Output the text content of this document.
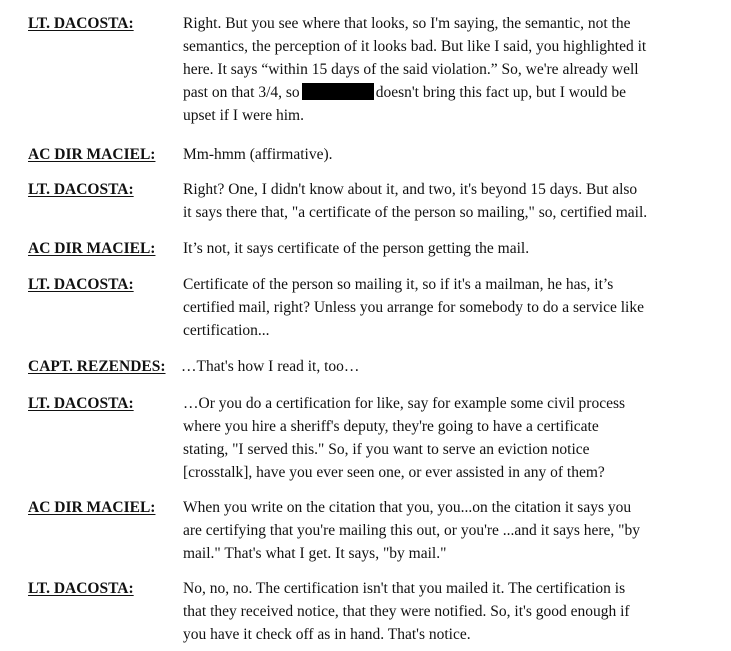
LT. DACOSTA:	Right. But you see where that looks, so I'm saying, the semantic, not the
semantics, the perception of it looks bad. But like I said, you highlighted it
here. It says “within 15 days of the said violation.” So, we're already well
past on that 3/4, so	doesn't bring this fact up, but I would be
upset if I were him.
AC DIR MACIEL: Mm-hmm (affirmative).
LT. DACOSTA:	Right? One, I didn't know about it, and two, it's beyond 15 days. But also
it says there that, "a certificate of the person so mailing," so, certified mail.
AC DIR MACIEL: It’s not, it says certificate of the person getting the mail.
LT. DACOSTA:	Certificate of the person so mailing it, so if it's a mailman, he has, it’s
certified mail, right? Unless you arrange for somebody to do a service like
certification...
CAPT. REZENDES: …That's how I read it, too…
LT. DACOSTA:	…Or you do a certification for like, say for example some civil process
where you hire a sheriff's deputy, they're going to have a certificate
stating, "I served this." So, if you want to serve an eviction notice
[crosstalk], have you ever seen one, or ever assisted in any of them?
AC DIR MACIEL: When you write on the citation that you, you...on the citation it says you
are certifying that you're mailing this out, or you're ...and it says here, "by
mail." That's what I get. It says, "by mail."
LT. DACOSTA:	No, no, no. The certification isn't that you mailed it. The certification is
that they received notice, that they were notified. So, it's good enough if
you have it check off as in hand. That's notice.
